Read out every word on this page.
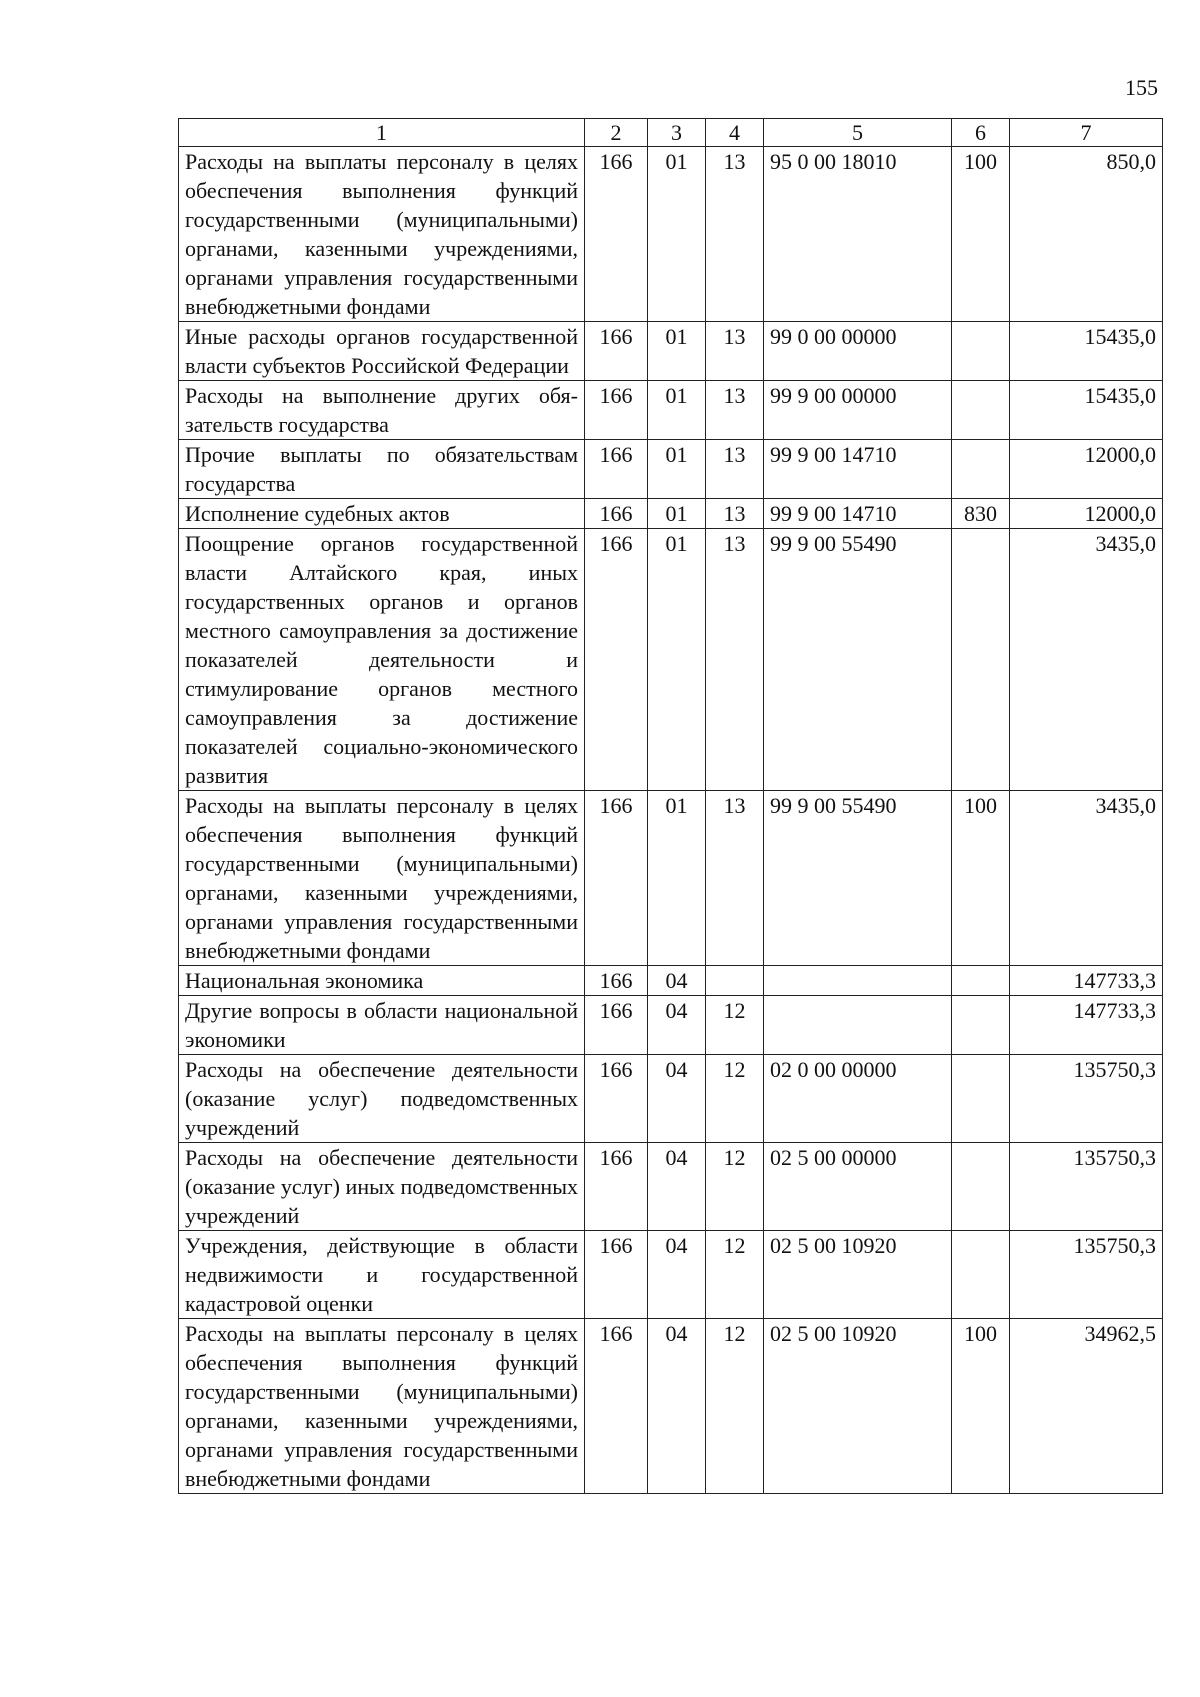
155
1	2	3	4	5	6	7
Расходы на выплаты персоналу в целях обеспечения выполнения функций государственными (муниципальными) органами, казенными учреждениями, органами управления государственными внебюджетными фондами	166	01	13	95 0 00 18010	100	850,0
Иные расходы органов государственной власти субъектов Российской Федерации	166	01	13	99 0 00 00000		15435,0
Расходы на выполнение других обязательств государства	166	01	13	99 9 00 00000		15435,0
Прочие выплаты по обязательствам государства	166	01	13	99 9 00 14710		12000,0
Исполнение судебных актов	166	01	13	99 9 00 14710	830	12000,0
Поощрение органов государственной власти Алтайского края, иных государственных органов и органов местного самоуправления за достижение показателей деятельности и стимулирование органов местного самоуправления за достижение показателей социально-экономического развития	166	01	13	99 9 00 55490		3435,0
Расходы на выплаты персоналу в целях обеспечения выполнения функций государственными (муниципальными) органами, казенными учреждениями, органами управления государственными внебюджетными фондами	166	01	13	99 9 00 55490	100	3435,0
Национальная экономика	166	04				147733,3
Другие вопросы в области национальной экономики	166	04	12			147733,3
Расходы на обеспечение деятельности (оказание услуг) подведомственных учреждений	166	04	12	02 0 00 00000		135750,3
Расходы на обеспечение деятельности (оказание услуг) иных подведомственных учреждений	166	04	12	02 5 00 00000		135750,3
Учреждения, действующие в области недвижимости и государственной кадастровой оценки	166	04	12	02 5 00 10920		135750,3
Расходы на выплаты персоналу в целях обеспечения выполнения функций государственными (муниципальными) органами, казенными учреждениями, органами управления государственными внебюджетными фондами	166	04	12	02 5 00 10920	100	34962,5
